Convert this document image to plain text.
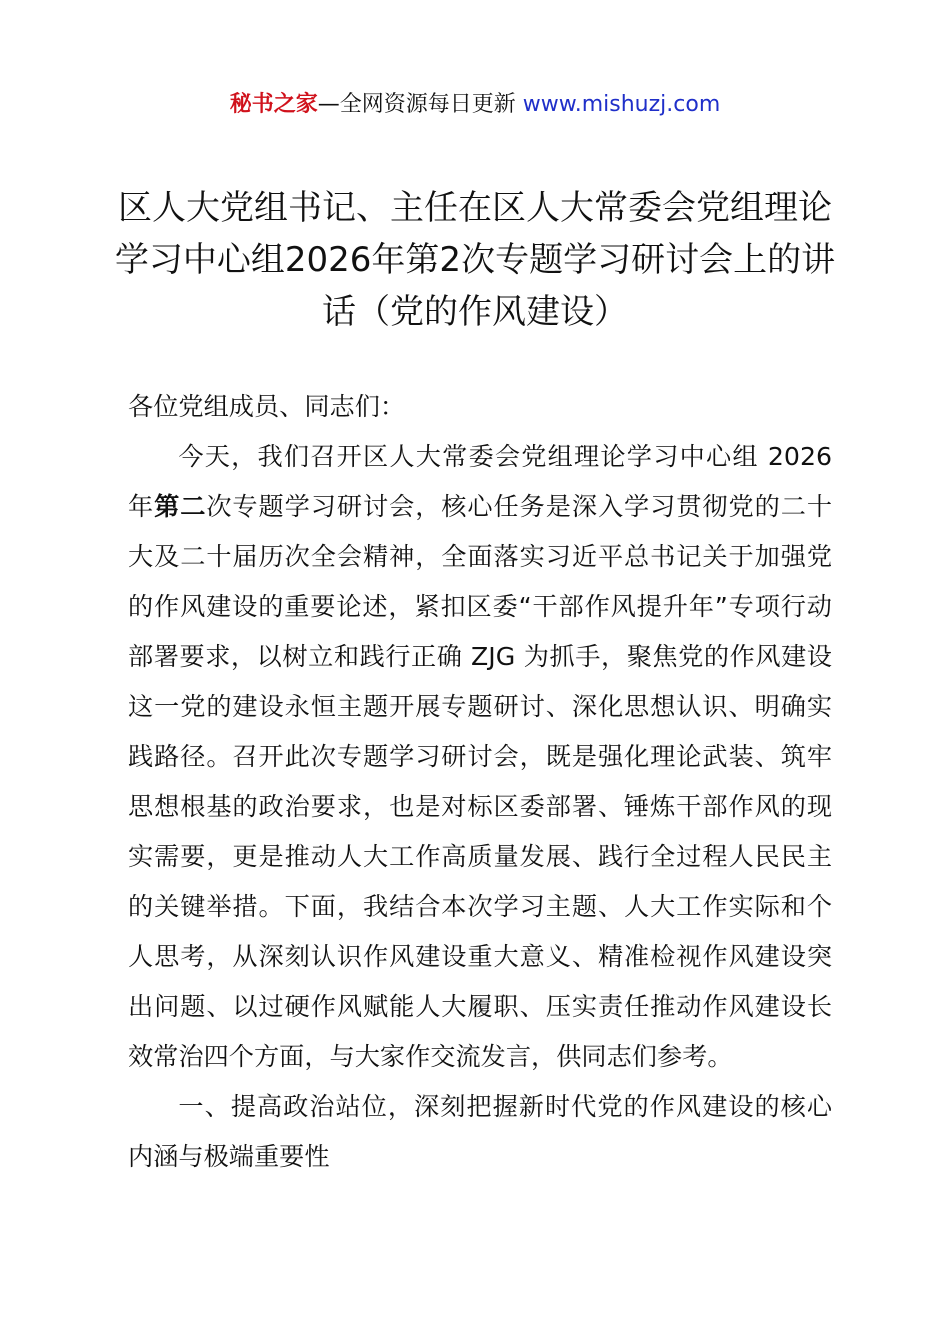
秘书之家—全网资源每日更新 www.mishuzj.com
区人大党组书记、主任在区人大常委会党组理论学习中心组2026年第2次专题学习研讨会上的讲话（党的作风建设）

各位党组成员、同志们：

今天，我们召开区人大常委会党组理论学习中心组 2026 年第二次专题学习研讨会，核心任务是深入学习贯彻党的二十大及二十届历次全会精神，全面落实习近平总书记关于加强党的作风建设的重要论述，紧扣区委“干部作风提升年”专项行动部署要求，以树立和践行正确 ZJG 为抓手，聚焦党的作风建设这一党的建设永恒主题开展专题研讨、深化思想认识、明确实践路径。召开此次专题学习研讨会，既是强化理论武装、筑牢思想根基的政治要求，也是对标区委部署、锤炼干部作风的现实需要，更是推动人大工作高质量发展、践行全过程人民民主的关键举措。下面，我结合本次学习主题、人大工作实际和个人思考，从深刻认识作风建设重大意义、精准检视作风建设突出问题、以过硬作风赋能人大履职、压实责任推动作风建设长效常治四个方面，与大家作交流发言，供同志们参考。

一、提高政治站位，深刻把握新时代党的作风建设的核心内涵与极端重要性
